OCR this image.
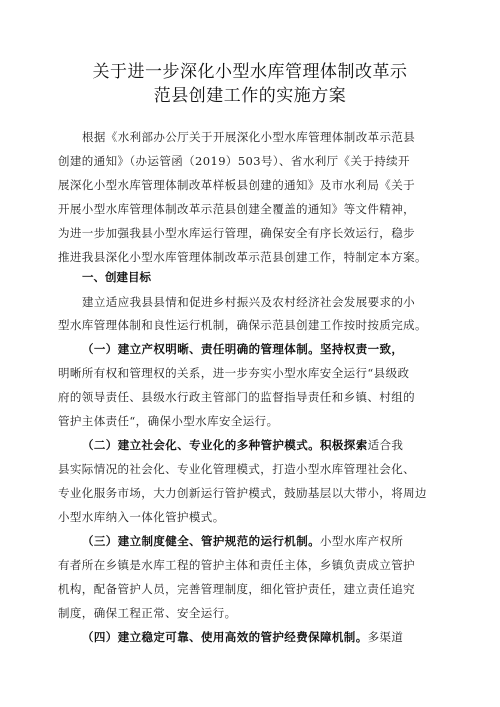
关于进一步深化小型水库管理体制改革示
范县创建工作的实施方案
根据《水利部办公厅关于开展深化小型水库管理体制改革示范县
创建的通知》（办运管函（2019）503号）、省水利厅《关于持续开
展深化小型水库管理体制改革样板县创建的通知》及市水利局《关于
开展小型水库管理体制改革示范县创建全覆盖的通知》等文件精神，
为进一步加强我县小型水库运行管理，确保安全有序长效运行，稳步
推进我县深化小型水库管理体制改革示范县创建工作，特制定本方案。
一、创建目标
建立适应我县县情和促进乡村振兴及农村经济社会发展要求的小
型水库管理体制和良性运行机制，确保示范县创建工作按时按质完成。
（一）建立产权明晰、责任明确的管理体制。坚持权责一致，
明晰所有权和管理权的关系，进一步夯实小型水库安全运行“县级政
府的领导责任、县级水行政主管部门的监督指导责任和乡镇、村组的
管护主体责任“，确保小型水库安全运行。
（二）建立社会化、专业化的多种管护模式。积极探索适合我
县实际情况的社会化、专业化管理模式，打造小型水库管理社会化、
专业化服务市场，大力创新运行管护模式，鼓励基层以大带小，将周边
小型水库纳入一体化管护模式。
（三）建立制度健全、管护规范的运行机制。小型水库产权所
有者所在乡镇是水库工程的管护主体和责任主体，乡镇负责成立管护
机构，配备管护人员，完善管理制度，细化管护责任，建立责任追究
制度，确保工程正常、安全运行。
（四）建立稳定可靠、使用高效的管护经费保障机制。多渠道
